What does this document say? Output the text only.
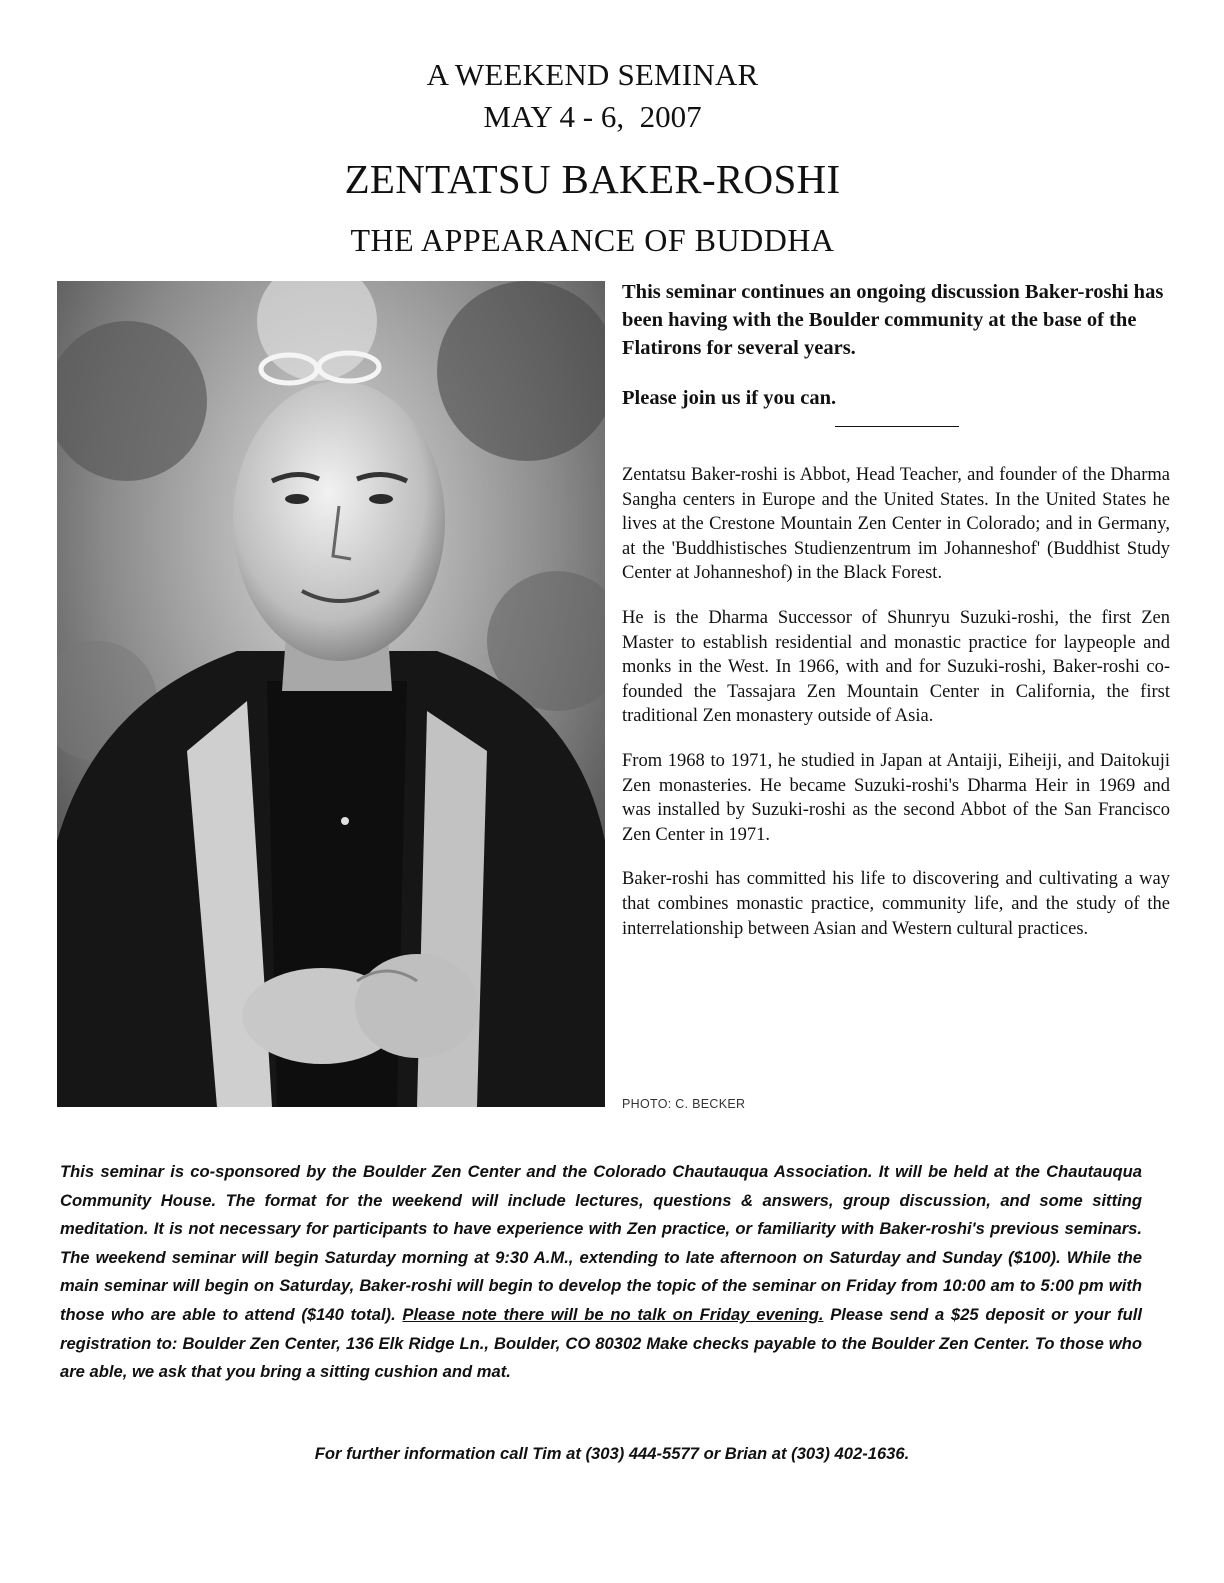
A WEEKEND SEMINAR
MAY 4 - 6,  2007
ZENTATSU BAKER-ROSHI
THE APPEARANCE OF BUDDHA

This seminar continues an ongoing discussion Baker-roshi has been having with the Boulder community at the base of the Flatirons for several years.

Please join us if you can.

Zentatsu Baker-roshi is Abbot, Head Teacher, and founder of the Dharma Sangha centers in Europe and the United States. In the United States he lives at the Crestone Mountain Zen Center in Colorado; and in Germany, at the 'Buddhistisches Studienzentrum im Johanneshof' (Buddhist Study Center at Johanneshof) in the Black Forest.

He is the Dharma Successor of Shunryu Suzuki-roshi, the first Zen Master to establish residential and monastic practice for laypeople and monks in the West. In 1966, with and for Suzuki-roshi, Baker-roshi co-founded the Tassajara Zen Mountain Center in California, the first traditional Zen monastery outside of Asia.

From 1968 to 1971, he studied in Japan at Antaiji, Eiheiji, and Daitokuji Zen monasteries. He became Suzuki-roshi's Dharma Heir in 1969 and was installed by Suzuki-roshi as the second Abbot of the San Francisco Zen Center in 1971.

Baker-roshi has committed his life to discovering and cultivating a way that combines monastic practice, community life, and the study of the interrelationship between Asian and Western cultural practices.

PHOTO: C. BECKER

This seminar is co-sponsored by the Boulder Zen Center and the Colorado Chautauqua Association. It will be held at the Chautauqua Community House. The format for the weekend will include lectures, questions & answers, group discussion, and some sitting meditation. It is not necessary for participants to have experience with Zen practice, or familiarity with Baker-roshi's previous seminars. The weekend seminar will begin Saturday morning at 9:30 A.M., extending to late afternoon on Saturday and Sunday ($100). While the main seminar will begin on Saturday, Baker-roshi will begin to develop the topic of the seminar on Friday from 10:00 am to 5:00 pm with those who are able to attend ($140 total). Please note there will be no talk on Friday evening. Please send a $25 deposit or your full registration to: Boulder Zen Center, 136 Elk Ridge Ln., Boulder, CO 80302 Make checks payable to the Boulder Zen Center. To those who are able, we ask that you bring a sitting cushion and mat.

For further information call Tim at (303) 444-5577 or Brian at (303) 402-1636.
